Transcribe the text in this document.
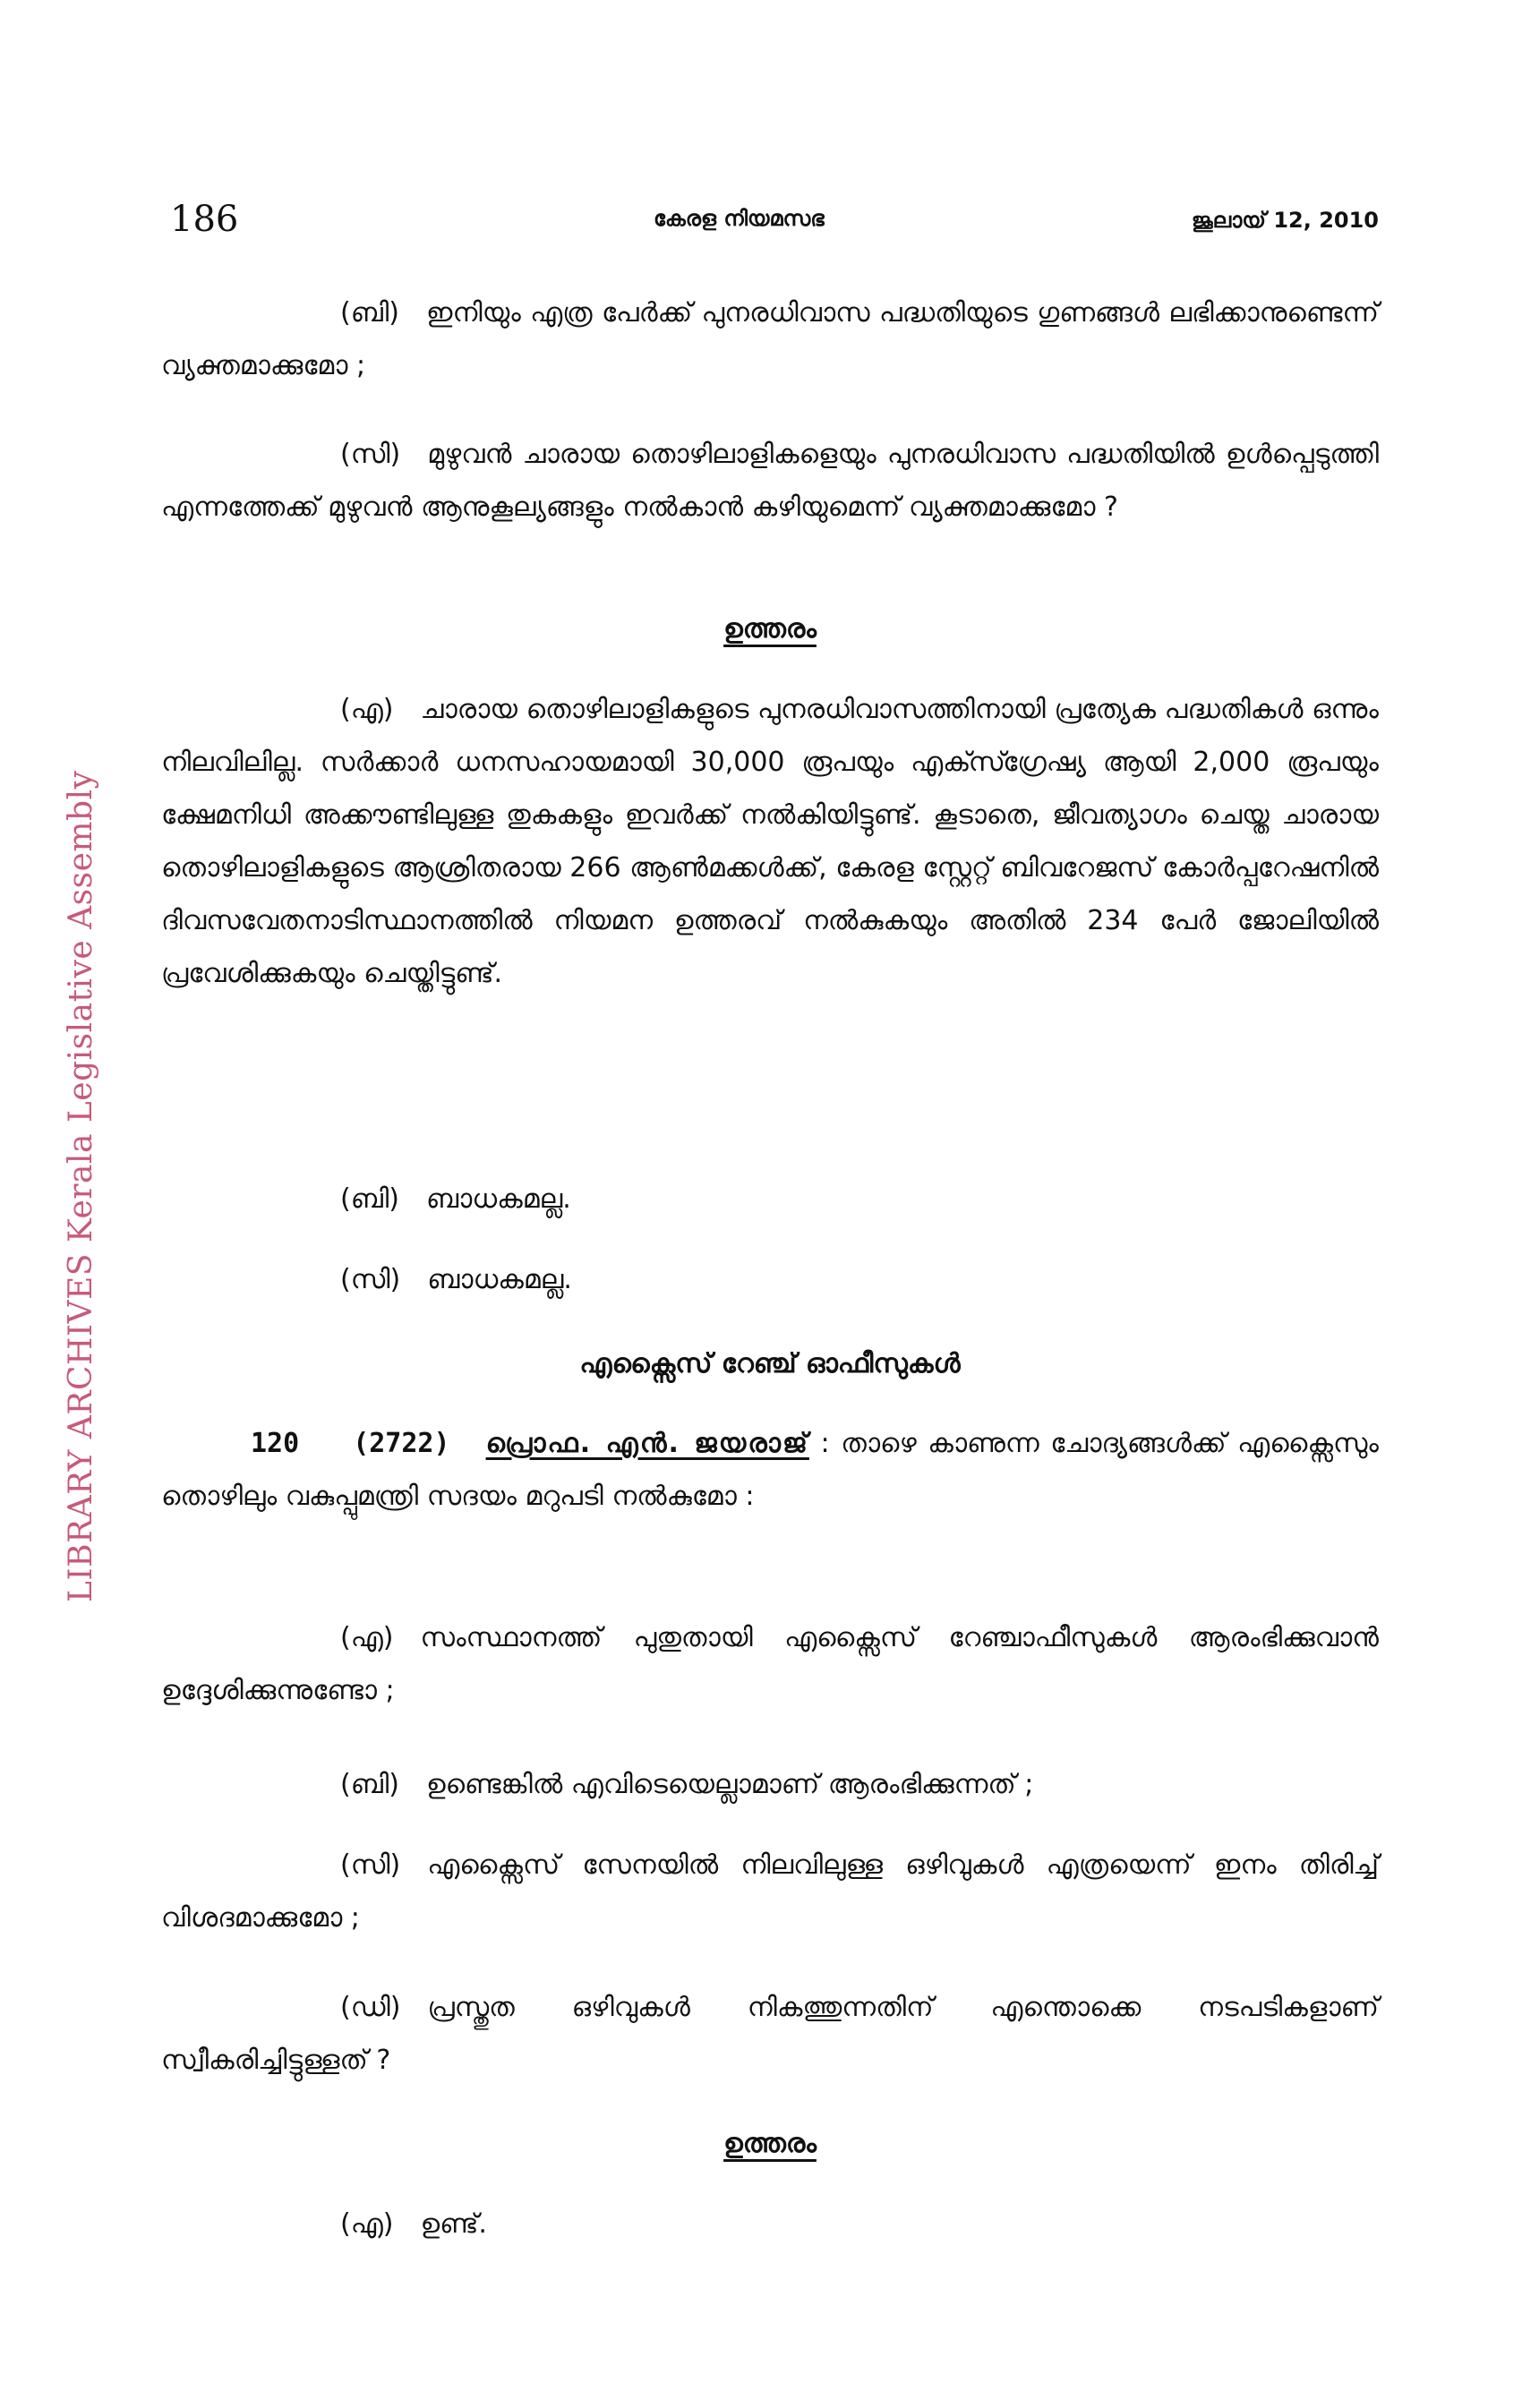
LIBRARY ARCHIVES Kerala Legislative Assembly
186	കേരള നിയമസഭ	ജൂലായ് 12, 2010

(ബി) ഇനിയും എത്ര പേർക്ക് പുനരധിവാസ പദ്ധതിയുടെ ഗുണങ്ങൾ ലഭിക്കാനുണ്ടെന്ന് വ്യക്തമാക്കുമോ ;

(സി) മുഴുവൻ ചാരായ തൊഴിലാളികളെയും പുനരധിവാസ പദ്ധതിയിൽ ഉൾപ്പെടുത്തി എന്നത്തേക്ക് മുഴുവൻ ആനുകൂല്യങ്ങളും നൽകാൻ കഴിയുമെന്ന് വ്യക്തമാക്കുമോ ?

ഉത്തരം

(എ) ചാരായ തൊഴിലാളികളുടെ പുനരധിവാസത്തിനായി പ്രത്യേക പദ്ധതികൾ ഒന്നും നിലവിലില്ല. സർക്കാർ ധനസഹായമായി 30,000 രൂപയും എക്സ്ഗ്രേഷ്യ ആയി 2,000 രൂപയും ക്ഷേമനിധി അക്കൗണ്ടിലുള്ള തുകകളും ഇവർക്ക് നൽകിയിട്ടുണ്ട്. കൂടാതെ, ജീവത്യാഗം ചെയ്ത ചാരായ തൊഴിലാളികളുടെ ആശ്രിതരായ 266 ആൺമക്കൾക്ക്, കേരള സ്റ്റേറ്റ് ബിവറേജസ് കോർപ്പറേഷനിൽ ദിവസവേതനാടിസ്ഥാനത്തിൽ നിയമന ഉത്തരവ് നൽകുകയും അതിൽ 234 പേർ ജോലിയിൽ പ്രവേശിക്കുകയും ചെയ്തിട്ടുണ്ട്.

(ബി) ബാധകമല്ല.

(സി) ബാധകമല്ല.

എക്സൈസ് റേഞ്ച് ഓഫീസുകൾ

120 (2722) പ്രൊഫ. എൻ. ജയരാജ് : താഴെ കാണുന്ന ചോദ്യങ്ങൾക്ക് എക്സൈസും തൊഴിലും വകുപ്പുമന്ത്രി സദയം മറുപടി നൽകുമോ :

(എ) സംസ്ഥാനത്ത് പുതുതായി എക്സൈസ് റേഞ്ചാഫീസുകൾ ആരംഭിക്കുവാൻ ഉദ്ദേശിക്കുന്നുണ്ടോ ;

(ബി) ഉണ്ടെങ്കിൽ എവിടെയെല്ലാമാണ് ആരംഭിക്കുന്നത് ;

(സി) എക്സൈസ് സേനയിൽ നിലവിലുള്ള ഒഴിവുകൾ എത്രയെന്ന് ഇനം തിരിച്ച് വിശദമാക്കുമോ ;

(ഡി) പ്രസ്തുത ഒഴിവുകൾ നികത്തുന്നതിന് എന്തൊക്കെ നടപടികളാണ് സ്വീകരിച്ചിട്ടുള്ളത് ?

ഉത്തരം

(എ) ഉണ്ട്.
